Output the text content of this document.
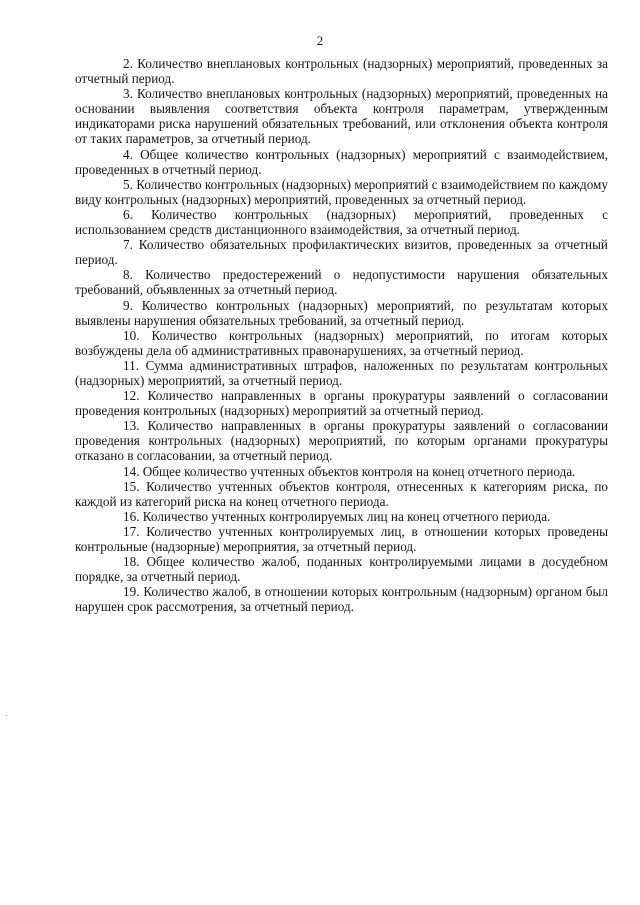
2

2. Количество внеплановых контрольных (надзорных) мероприятий, проведенных за отчетный период.

3. Количество внеплановых контрольных (надзорных) мероприятий, проведенных на основании выявления соответствия объекта контроля параметрам, утвержденным индикаторами риска нарушений обязательных требований, или отклонения объекта контроля от таких параметров, за отчетный период.

4. Общее количество контрольных (надзорных) мероприятий с взаимодействием, проведенных в отчетный период.

5. Количество контрольных (надзорных) мероприятий с взаимодействием по каждому виду контрольных (надзорных) мероприятий, проведенных за отчетный период.

6. Количество контрольных (надзорных) мероприятий, проведенных с использованием средств дистанционного взаимодействия, за отчетный период.

7. Количество обязательных профилактических визитов, проведенных за отчетный период.

8. Количество предостережений о недопустимости нарушения обязательных требований, объявленных за отчетный период.

9. Количество контрольных (надзорных) мероприятий, по результатам которых выявлены нарушения обязательных требований, за отчетный период.

10. Количество контрольных (надзорных) мероприятий, по итогам которых возбуждены дела об административных правонарушениях, за отчетный период.

11. Сумма административных штрафов, наложенных по результатам контрольных (надзорных) мероприятий, за отчетный период.

12. Количество направленных в органы прокуратуры заявлений о согласовании проведения контрольных (надзорных) мероприятий за отчетный период.

13. Количество направленных в органы прокуратуры заявлений о согласовании проведения контрольных (надзорных) мероприятий, по которым органами прокуратуры отказано в согласовании, за отчетный период.

14. Общее количество учтенных объектов контроля на конец отчетного периода.

15. Количество учтенных объектов контроля, отнесенных к категориям риска, по каждой из категорий риска на конец отчетного периода.

16. Количество учтенных контролируемых лиц на конец отчетного периода.

17. Количество учтенных контролируемых лиц, в отношении которых проведены контрольные (надзорные) мероприятия, за отчетный период.

18. Общее количество жалоб, поданных контролируемыми лицами в досудебном порядке, за отчетный период.

19. Количество жалоб, в отношении которых контрольным (надзорным) органом был нарушен срок рассмотрения, за отчетный период.
